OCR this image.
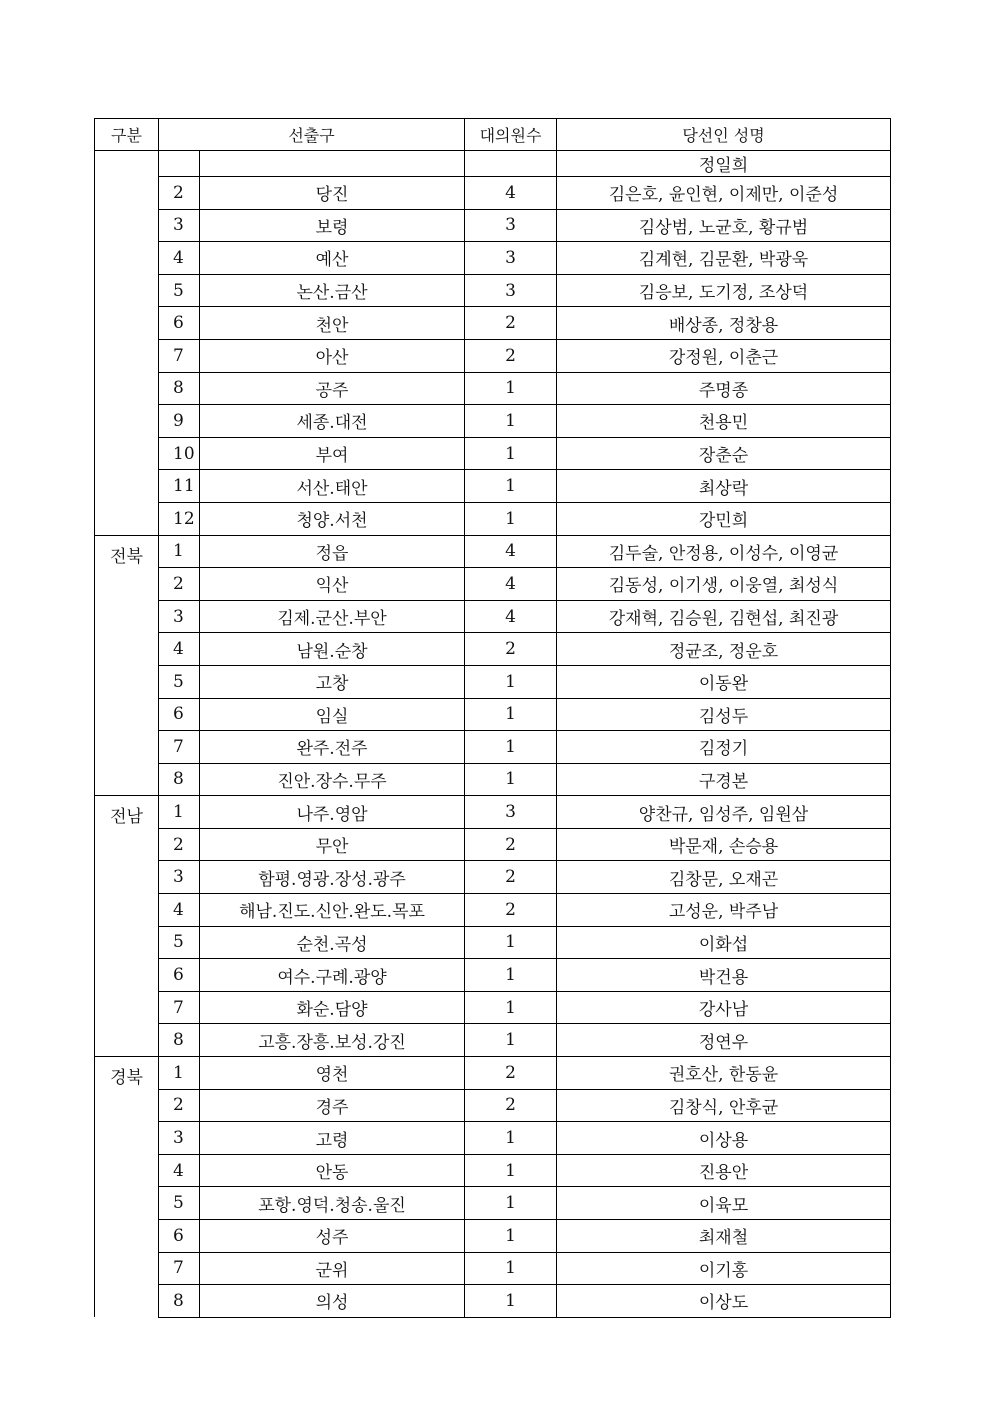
구분	선출구		대의원수	당선인 성명
				정일희
	2	당진	4	김은호, 윤인현, 이제만, 이준성
	3	보령	3	김상범, 노균호, 황규범
	4	예산	3	김계현, 김문환, 박광욱
	5	논산.금산	3	김응보, 도기정, 조상덕
	6	천안	2	배상종, 정창용
	7	아산	2	강정원, 이춘근
	8	공주	1	주명종
	9	세종.대전	1	천용민
	10	부여	1	장춘순
	11	서산.태안	1	최상락
	12	청양.서천	1	강민희
전북	1	정읍	4	김두술, 안정용, 이성수, 이영균
	2	익산	4	김동성, 이기생, 이웅열, 최성식
	3	김제.군산.부안	4	강재혁, 김승원, 김현섭, 최진광
	4	남원.순창	2	정균조, 정운호
	5	고창	1	이동완
	6	임실	1	김성두
	7	완주.전주	1	김정기
	8	진안.장수.무주	1	구경본
전남	1	나주.영암	3	양찬규, 임성주, 임원삼
	2	무안	2	박문재, 손승용
	3	함평.영광.장성.광주	2	김창문, 오재곤
	4	해남.진도.신안.완도.목포	2	고성운, 박주남
	5	순천.곡성	1	이화섭
	6	여수.구례.광양	1	박건용
	7	화순.담양	1	강사남
	8	고흥.장흥.보성.강진	1	정연우
경북	1	영천	2	권호산, 한동윤
	2	경주	2	김창식, 안후균
	3	고령	1	이상용
	4	안동	1	진용안
	5	포항.영덕.청송.울진	1	이육모
	6	성주	1	최재철
	7	군위	1	이기홍
	8	의성	1	이상도
